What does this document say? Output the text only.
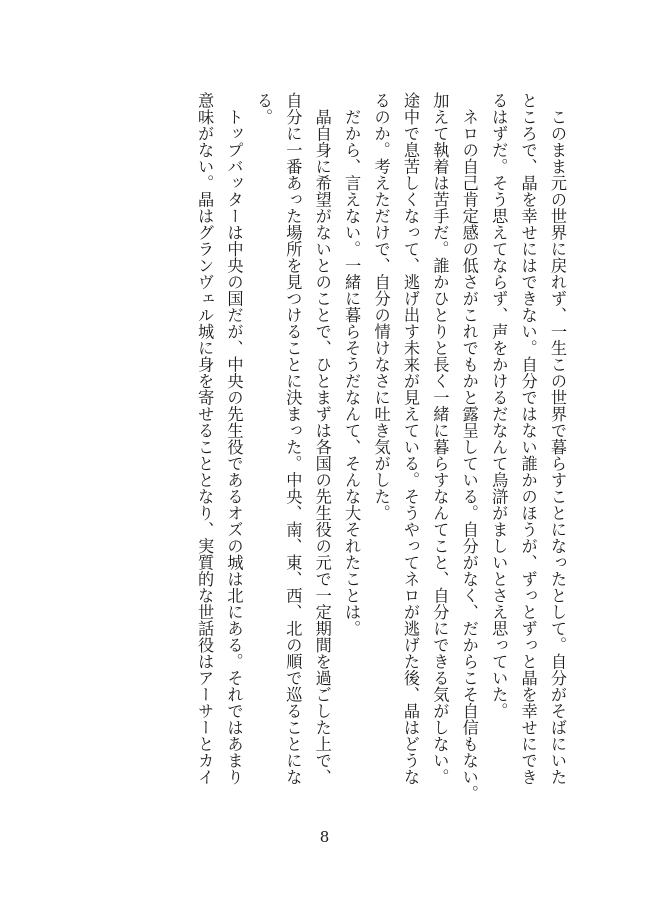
　このまま元の世界に戻れず、一生この世界で暮らすことになったとして。自分がそばにいた
ところで、晶を幸せにはできない。自分ではない誰かのほうが、ずっとずっと晶を幸せにでき
るはずだ。そう思えてならず、声をかけるだなんて烏滸がましいとさえ思っていた。
　ネロの自己肯定感の低さがこれでもかと露呈している。自分がなく、だからこそ自信もない。
加えて執着は苦手だ。誰かひとりと長く一緒に暮らすなんてこと、自分にできる気がしない。
途中で息苦しくなって、逃げ出す未来が見えている。そうやってネロが逃げた後、晶はどうな
るのか。考えただけで、自分の情けなさに吐き気がした。
　だから、言えない。一緒に暮らそうだなんて、そんな大それたことは。
　晶自身に希望がないとのことで、ひとまずは各国の先生役の元で一定期間を過ごした上で、
自分に一番あった場所を見つけることに決まった。中央、南、東、西、北の順で巡ることにな
る。
　トップバッターは中央の国だが、中央の先生役であるオズの城は北にある。それではあまり
意味がない。晶はグランヴェル城に身を寄せることとなり、実質的な世話役はアーサーとカイ
8
